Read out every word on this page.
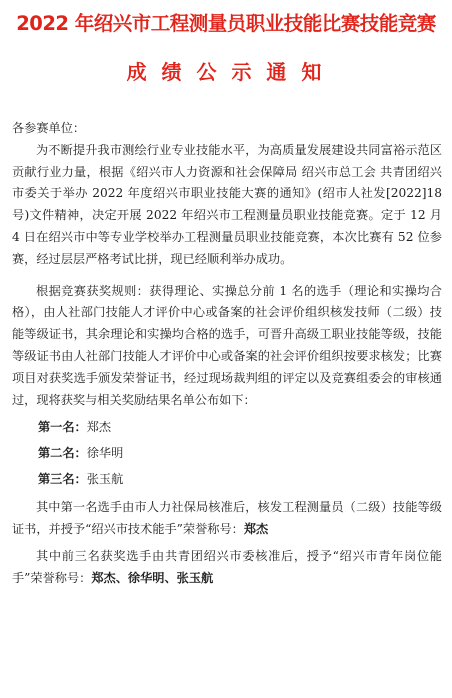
2022 年绍兴市工程测量员职业技能比赛技能竞赛
成 绩 公 示 通 知

各参赛单位：

为不断提升我市测绘行业专业技能水平，为高质量发展建设共同富裕示范区贡献行业力量，根据《绍兴市人力资源和社会保障局 绍兴市总工会 共青团绍兴市委关于举办 2022 年度绍兴市职业技能大赛的通知》(绍市人社发[2022]18 号)文件精神，决定开展 2022 年绍兴市工程测量员职业技能竞赛。定于 12 月 4 日在绍兴市中等专业学校举办工程测量员职业技能竞赛，本次比赛有 52 位参赛，经过层层严格考试比拼，现已经顺利举办成功。

根据竞赛获奖规则：获得理论、实操总分前 1 名的选手（理论和实操均合格），由人社部门技能人才评价中心或备案的社会评价组织核发技师（二级）技能等级证书，其余理论和实操均合格的选手，可晋升高级工职业技能等级，技能等级证书由人社部门技能人才评价中心或备案的社会评价组织按要求核发；比赛项目对获奖选手颁发荣誉证书，经过现场裁判组的评定以及竞赛组委会的审核通过，现将获奖与相关奖励结果名单公布如下：

第一名：郑杰
第二名：徐华明
第三名：张玉航

其中第一名选手由市人力社保局核准后，核发工程测量员（二级）技能等级证书，并授予“绍兴市技术能手”荣誉称号：郑杰

其中前三名获奖选手由共青团绍兴市委核准后，授予“绍兴市青年岗位能手”荣誉称号：郑杰、徐华明、张玉航
